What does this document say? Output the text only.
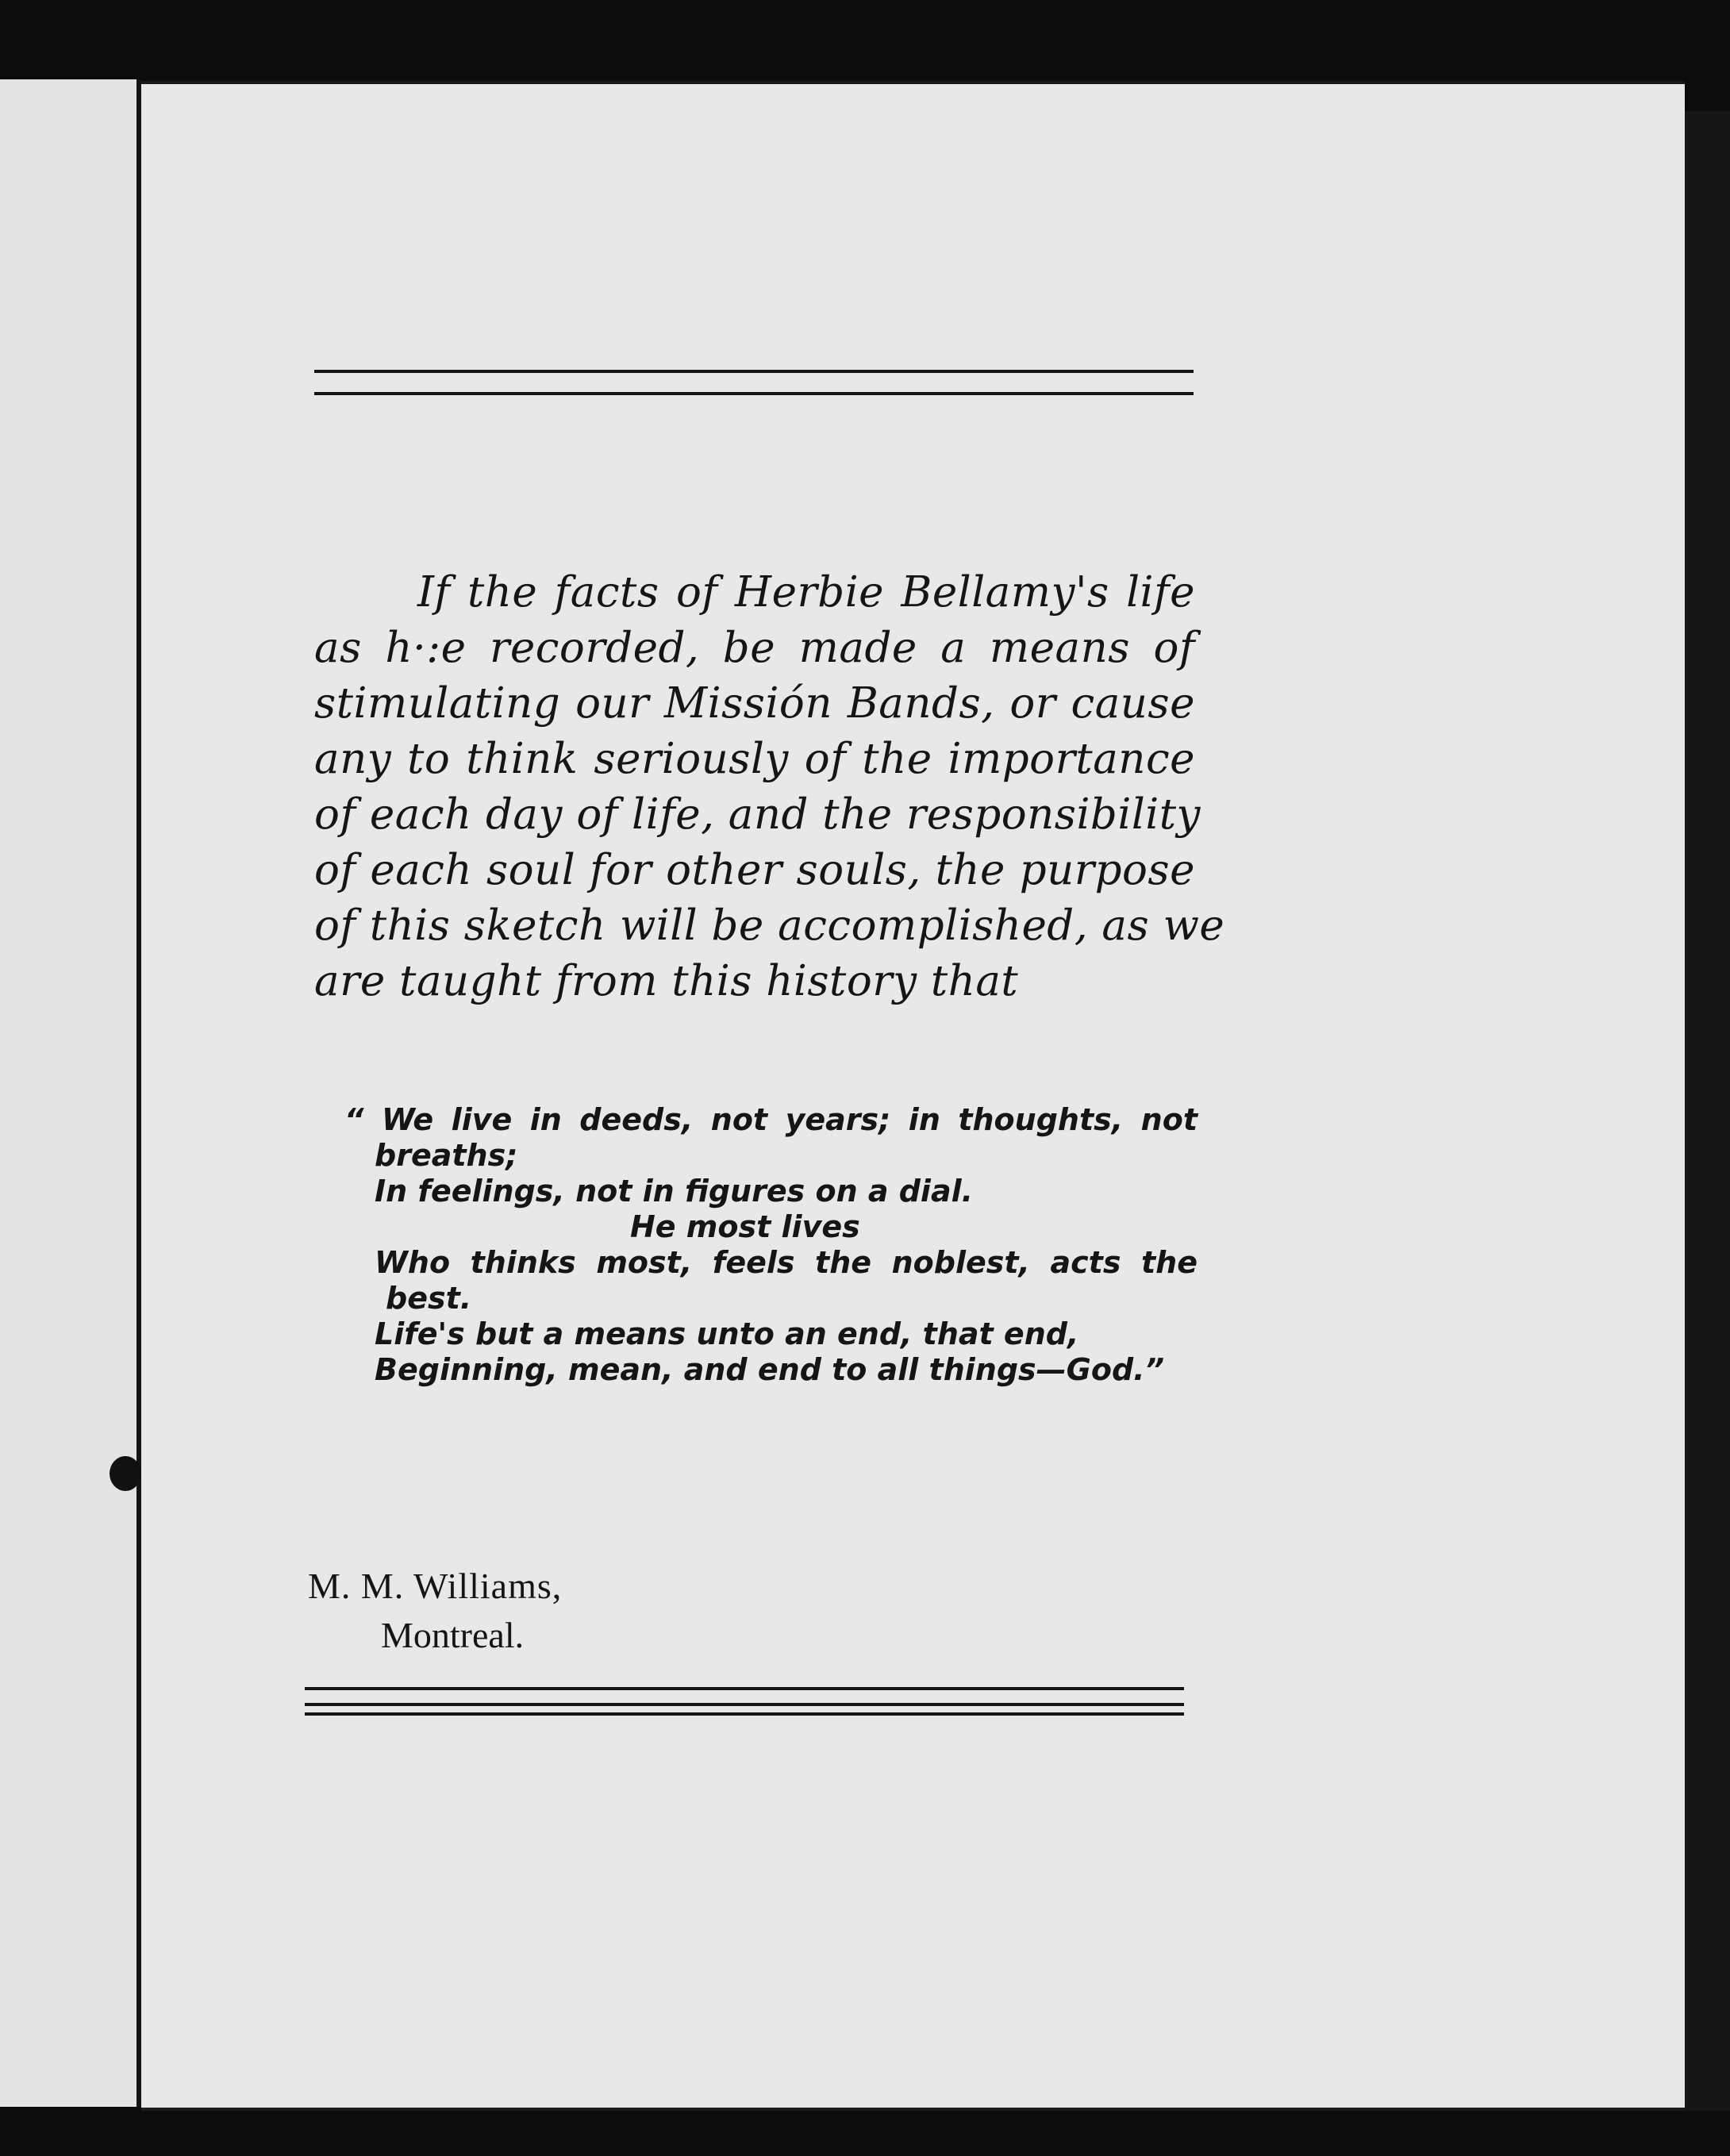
If the facts of Herbie Bellamy's life
as h·:e recorded, be made a means of
stimulating our Missión Bands, or cause
any to think seriously of the importance
of each day of life, and the responsibility
of each soul for other souls, the purpose
of this sketch will be accomplished, as we
are taught from this history that
“ We live in deeds, not years; in thoughts, not
breaths;
In feelings, not in figures on a dial.
He most lives
Who thinks most, feels the noblest, acts the
best.
Life's but a means unto an end, that end,
Beginning, mean, and end to all things—God.”
M. M. Williams,
Montreal.
